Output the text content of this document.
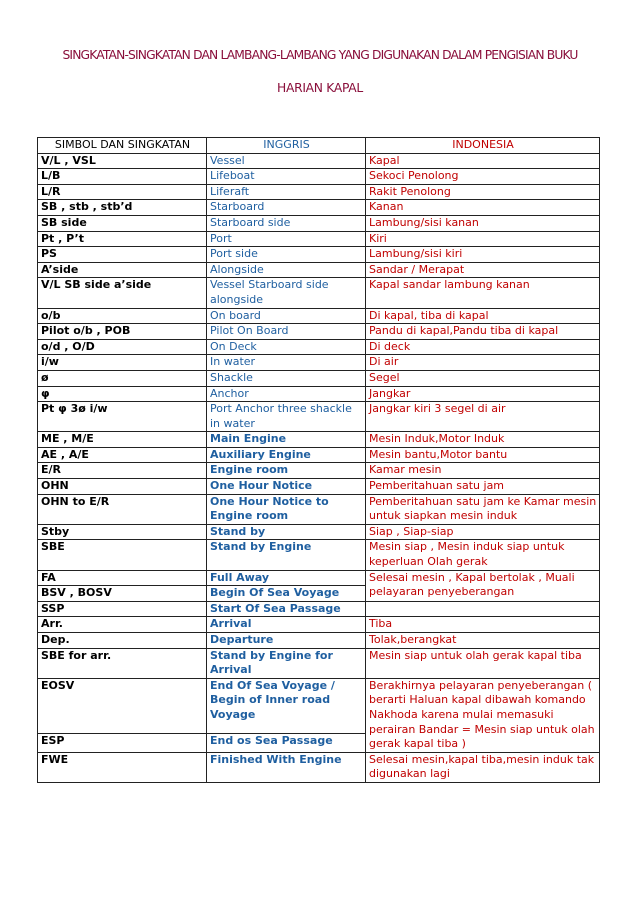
SINGKATAN-SINGKATAN DAN LAMBANG-LAMBANG YANG DIGUNAKAN DALAM PENGISIAN BUKU
HARIAN KAPAL
SIMBOL DAN SINGKATAN	INGGRIS	INDONESIA
V/L , VSL	Vessel	Kapal
L/B	Lifeboat	Sekoci Penolong
L/R	Liferaft	Rakit Penolong
SB , stb , stb’d	Starboard	Kanan
SB side	Starboard side	Lambung/sisi kanan
Pt , P’t	Port	Kiri
PS	Port side	Lambung/sisi kiri
A’side	Alongside	Sandar / Merapat
V/L SB side a’side	Vessel Starboard side alongside	Kapal sandar lambung kanan
o/b	On board	Di kapal, tiba di kapal
Pilot o/b , POB	Pilot On Board	Pandu di kapal,Pandu tiba di kapal
o/d , O/D	On Deck	Di deck
i/w	In water	Di air
ø	Shackle	Segel
φ	Anchor	Jangkar
Pt φ 3ø i/w	Port Anchor three shackle in water	Jangkar kiri 3 segel di air
ME , M/E	Main Engine	Mesin Induk,Motor Induk
AE , A/E	Auxiliary Engine	Mesin bantu,Motor bantu
E/R	Engine room	Kamar mesin
OHN	One Hour Notice	Pemberitahuan satu jam
OHN to E/R	One Hour Notice to Engine room	Pemberitahuan satu jam ke Kamar mesin untuk siapkan mesin induk
Stby	Stand by	Siap , Siap-siap
SBE	Stand by Engine	Mesin siap , Mesin induk siap untuk keperluan Olah gerak
FA	Full Away	Selesai mesin , Kapal bertolak , Muali pelayaran penyeberangan
BSV , BOSV	Begin Of Sea Voyage	
SSP	Start Of Sea Passage	
Arr.	Arrival	Tiba
Dep.	Departure	Tolak,berangkat
SBE for arr.	Stand by Engine for Arrival	Mesin siap untuk olah gerak kapal tiba
EOSV	End Of Sea Voyage / Begin of Inner road Voyage	Berakhirnya pelayaran penyeberangan ( berarti Haluan kapal dibawah komando Nakhoda karena mulai memasuki perairan Bandar = Mesin siap untuk olah gerak kapal tiba )
ESP	End os Sea Passage	
FWE	Finished With Engine	Selesai mesin,kapal tiba,mesin induk tak digunakan lagi
